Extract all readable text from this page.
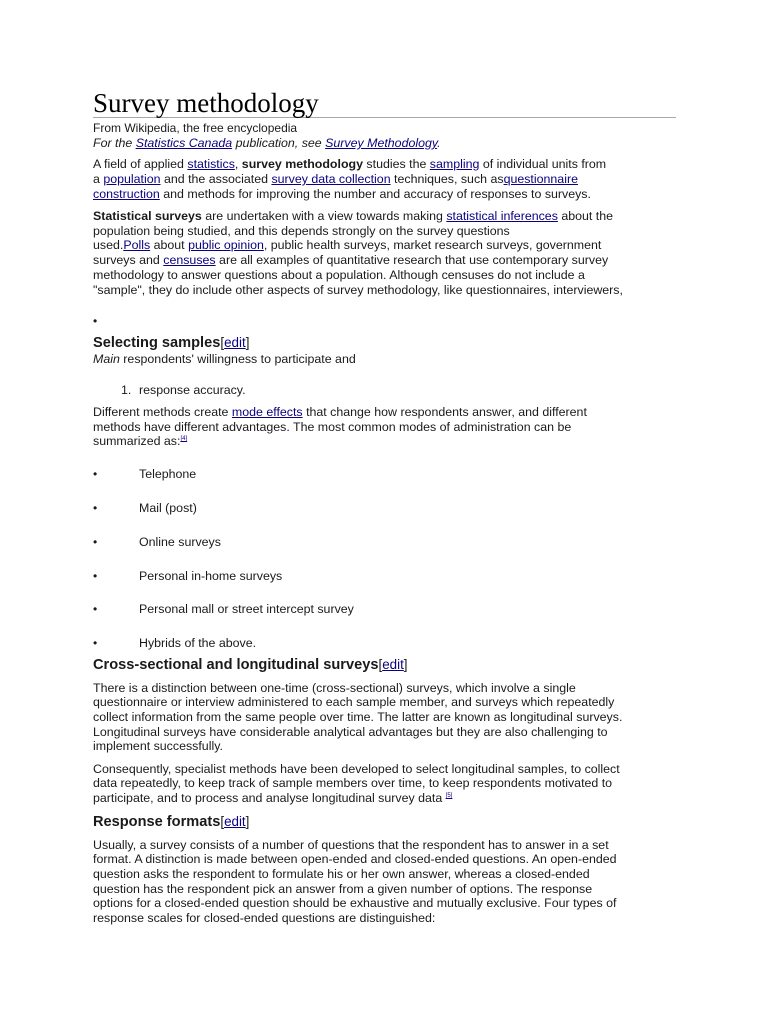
Survey methodology
From Wikipedia, the free encyclopedia
For the Statistics Canada publication, see Survey Methodology.
A field of applied statistics, survey methodology studies the sampling of individual units from
a population and the associated survey data collection techniques, such asquestionnaire
construction and methods for improving the number and accuracy of responses to surveys.
Statistical surveys are undertaken with a view towards making statistical inferences about the
population being studied, and this depends strongly on the survey questions
used.Polls about public opinion, public health surveys, market research surveys, government
surveys and censuses are all examples of quantitative research that use contemporary survey
methodology to answer questions about a population. Although censuses do not include a
"sample", they do include other aspects of survey methodology, like questionnaires, interviewers,
•
Selecting samples[edit]
Main respondents' willingness to participate and
1. response accuracy.
Different methods create mode effects that change how respondents answer, and different
methods have different advantages. The most common modes of administration can be
summarized as:[4]
•	Telephone
•	Mail (post)
•	Online surveys
•	Personal in-home surveys
•	Personal mall or street intercept survey
•	Hybrids of the above.
Cross-sectional and longitudinal surveys[edit]
There is a distinction between one-time (cross-sectional) surveys, which involve a single
questionnaire or interview administered to each sample member, and surveys which repeatedly
collect information from the same people over time. The latter are known as longitudinal surveys.
Longitudinal surveys have considerable analytical advantages but they are also challenging to
implement successfully.
Consequently, specialist methods have been developed to select longitudinal samples, to collect
data repeatedly, to keep track of sample members over time, to keep respondents motivated to
participate, and to process and analyse longitudinal survey data [5]
Response formats[edit]
Usually, a survey consists of a number of questions that the respondent has to answer in a set
format. A distinction is made between open-ended and closed-ended questions. An open-ended
question asks the respondent to formulate his or her own answer, whereas a closed-ended
question has the respondent pick an answer from a given number of options. The response
options for a closed-ended question should be exhaustive and mutually exclusive. Four types of
response scales for closed-ended questions are distinguished:
